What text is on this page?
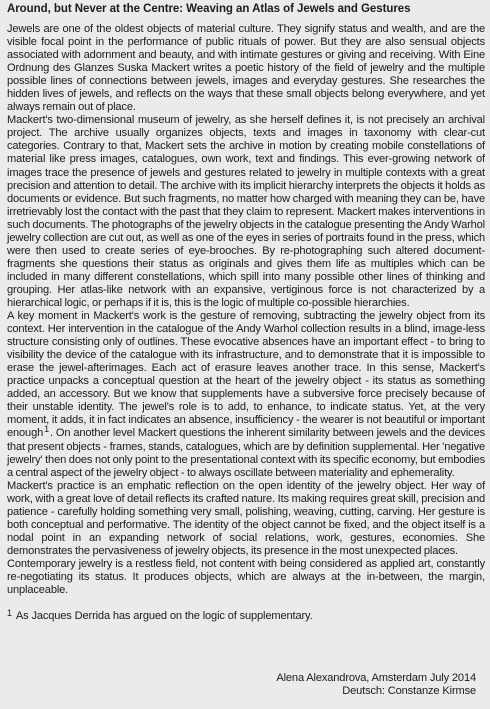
Around, but Never at the Centre: Weaving an Atlas of Jewels and Gestures

Jewels are one of the oldest objects of material culture. They signify status and wealth, and are the visible focal point in the performance of public rituals of power. But they are also sensual objects associated with adornment and beauty, and with intimate gestures or giving and receiving. With Eine Ordnung des Glanzes Suska Mackert writes a poetic history of the field of jewelry and the multiple possible lines of connections between jewels, images and everyday gestures. She researches the hidden lives of jewels, and reflects on the ways that these small objects belong everywhere, and yet always remain out of place.

Mackert's two-dimensional museum of jewelry, as she herself defines it, is not precisely an archival project. The archive usually organizes objects, texts and images in taxonomy with clear-cut categories. Contrary to that, Mackert sets the archive in motion by creating mobile constellations of material like press images, catalogues, own work, text and findings. This ever-growing network of images trace the presence of jewels and gestures related to jewelry in multiple contexts with a great precision and attention to detail. The archive with its implicit hierarchy interprets the objects it holds as documents or evidence. But such fragments, no matter how charged with meaning they can be, have irretrievably lost the contact with the past that they claim to represent. Mackert makes interventions in such documents. The photographs of the jewelry objects in the catalogue presenting the Andy Warhol jewelry collection are cut out, as well as one of the eyes in series of portraits found in the press, which were then used to create series of eye-brooches. By re-photographing such altered document-fragments she questions their status as originals and gives them life as multiples which can be included in many different constellations, which spill into many possible other lines of thinking and grouping. Her atlas-like network with an expansive, vertiginous force is not characterized by a hierarchical logic, or perhaps if it is, this is the logic of multiple co-possible hierarchies.

A key moment in Mackert's work is the gesture of removing, subtracting the jewelry object from its context. Her intervention in the catalogue of the Andy Warhol collection results in a blind, image-less structure consisting only of outlines. These evocative absences have an important effect - to bring to visibility the device of the catalogue with its infrastructure, and to demonstrate that it is impossible to erase the jewel-afterimages. Each act of erasure leaves another trace. In this sense, Mackert's practice unpacks a conceptual question at the heart of the jewelry object - its status as something added, an accessory. But we know that supplements have a subversive force precisely because of their unstable identity. The jewel's role is to add, to enhance, to indicate status. Yet, at the very moment, it adds, it in fact indicates an absence, insufficiency - the wearer is not beautiful or important enough$^1$. On another level Mackert questions the inherent similarity between jewels and the devices that present objects - frames, stands, catalogues, which are by definition supplemental. Her 'negative jewelry' then does not only point to the presentational context with its specific economy, but embodies a central aspect of the jewelry object - to always oscillate between materiality and ephemerality.

Mackert's practice is an emphatic reflection on the open identity of the jewelry object. Her way of work, with a great love of detail reflects its crafted nature. Its making requires great skill, precision and patience - carefully holding something very small, polishing, weaving, cutting, carving. Her gesture is both conceptual and performative. The identity of the object cannot be fixed, and the object itself is a nodal point in an expanding network of social relations, work, gestures, economies. She demonstrates the pervasiveness of jewelry objects, its presence in the most unexpected places.

Contemporary jewelry is a restless field, not content with being considered as applied art, constantly re-negotiating its status. It produces objects, which are always at the in-between, the margin, unplaceable.

$^1$ As Jacques Derrida has argued on the logic of supplementary.
Alena Alexandrova, Amsterdam July 2014
Deutsch: Constanze Kirmse
